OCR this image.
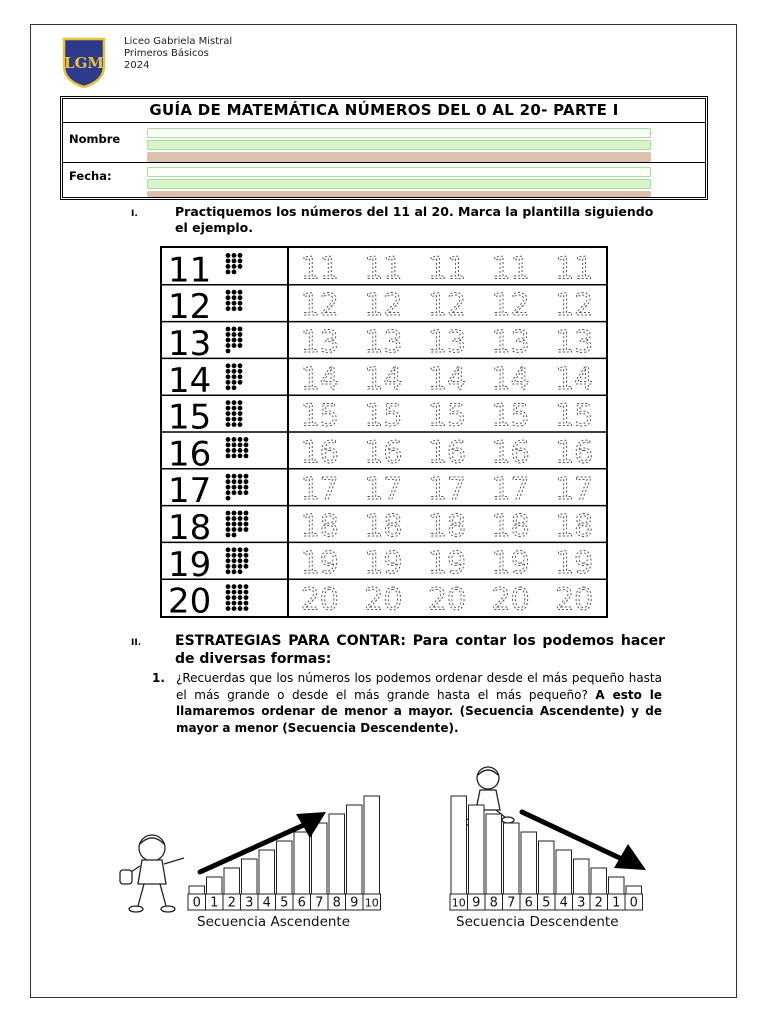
LGM
Liceo Gabriela Mistral
Primeros Básicos
2024
GUÍA DE MATEMÁTICA NÚMEROS DEL 0 AL 20- PARTE I
Nombre
Fecha:
I.	Practiquemos los números del 11 al 20. Marca la plantilla siguiendo el ejemplo.
11	11 11 11 11 11
12	12 12 12 12 12
13	13 13 13 13 13
14	14 14 14 14 14
15	15 15 15 15 15
16	16 16 16 16 16
17	17 17 17 17 17
18	18 18 18 18 18
19	19 19 19 19 19
20	20 20 20 20 20
II. ESTRATEGIAS PARA CONTAR: Para contar los podemos hacer de diversas formas:
1. ¿Recuerdas que los números los podemos ordenar desde el más pequeño hasta el más grande o desde el más grande hasta el más pequeño? A esto le llamaremos ordenar de menor a mayor. (Secuencia Ascendente) y de mayor a menor (Secuencia Descendente).
0 1 2 3 4 5 6 7 8 9 10	10 9 8 7 6 5 4 3 2 1 0
Secuencia Ascendente	Secuencia Descendente
